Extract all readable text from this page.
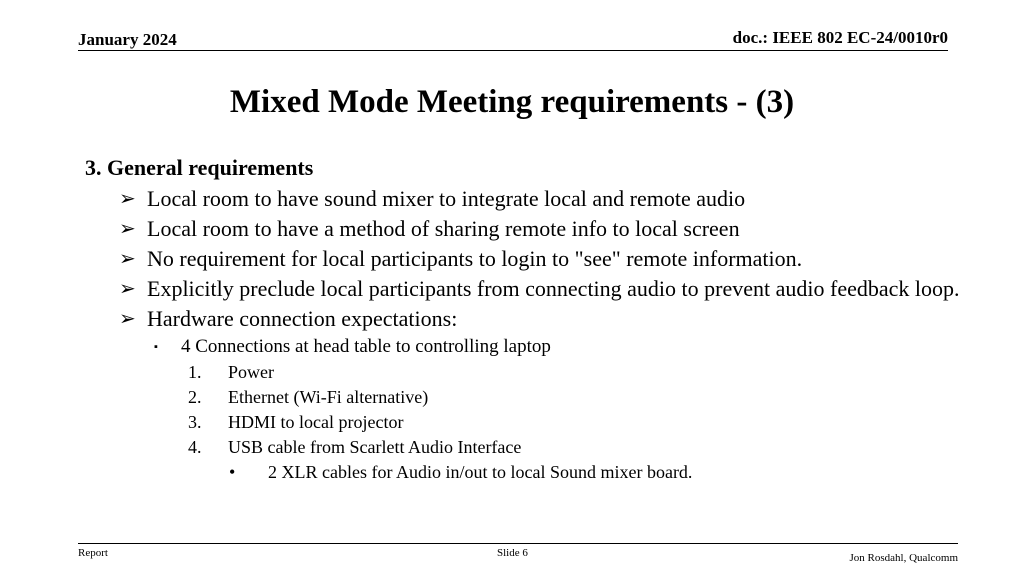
January 2024	doc.: IEEE 802 EC-24/0010r0
Mixed Mode Meeting requirements - (3)
3. General requirements
➢ Local room to have sound mixer to integrate local and remote audio
➢ Local room to have a method of sharing remote info to local screen
➢ No requirement for local participants to login to "see" remote information.
➢ Explicitly preclude local participants from connecting audio to prevent audio feedback loop.
➢ Hardware connection expectations:
▪ 4 Connections at head table to controlling laptop
1. Power
2. Ethernet (Wi-Fi alternative)
3. HDMI to local projector
4. USB cable from Scarlett Audio Interface
• 2 XLR cables for Audio in/out to local Sound mixer board.
Report	Slide 6	Jon Rosdahl, Qualcomm
